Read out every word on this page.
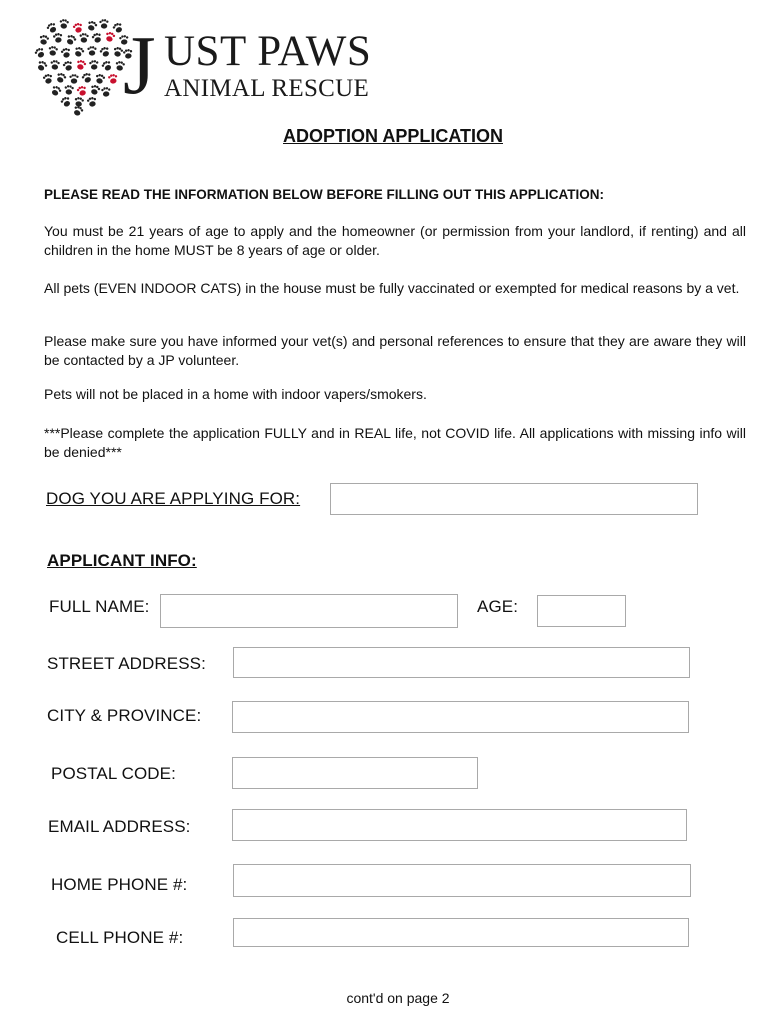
J UST PAWS
ANIMAL RESCUE
ADOPTION APPLICATION
PLEASE READ THE INFORMATION BELOW BEFORE FILLING OUT THIS APPLICATION:
You must be 21 years of age to apply and the homeowner (or permission from your landlord, if renting) and all children in the home MUST be 8 years of age or older.
All pets (EVEN INDOOR CATS) in the house must be fully vaccinated or exempted for medical reasons by a vet.
Please make sure you have informed your vet(s) and personal references to ensure that they are aware they will be contacted by a JP volunteer.
Pets will not be placed in a home with indoor vapers/smokers.
***Please complete the application FULLY and in REAL life, not COVID life. All applications with missing info will be denied***
DOG YOU ARE APPLYING FOR:
APPLICANT INFO:
FULL NAME:	AGE:
STREET ADDRESS:
CITY & PROVINCE:
POSTAL CODE:
EMAIL ADDRESS:
HOME PHONE #:
CELL PHONE #:
cont'd on page 2
